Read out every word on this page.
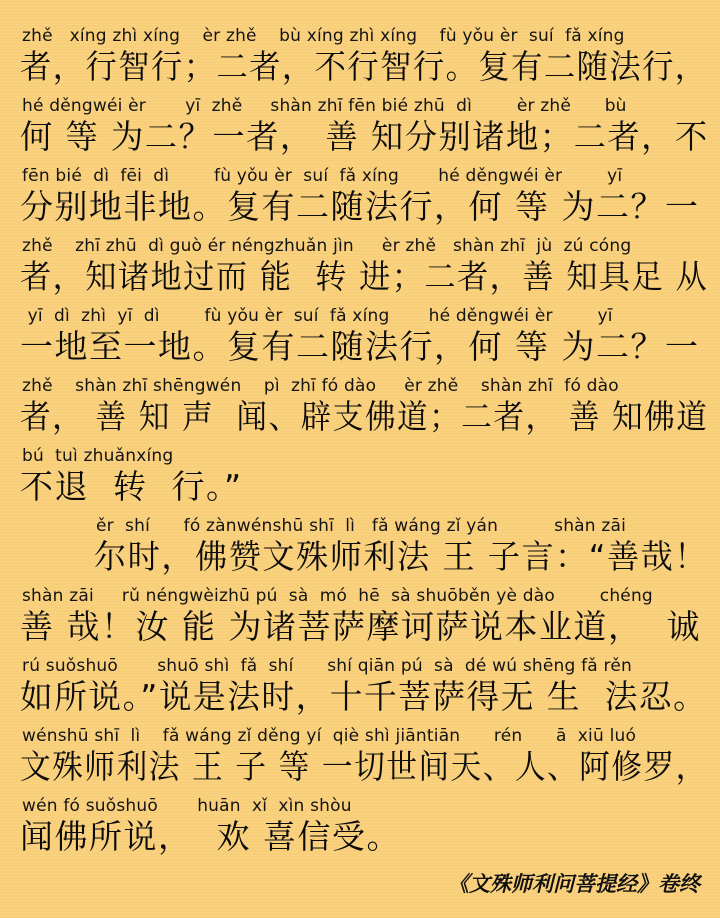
zhě   xíng zhì xíng    èr zhě    bù xíng zhì xíng    fù yǒu èr  suí  fǎ xíng
者，行智行；二者，不行智行。复有二随法行，
hé děngwéi èr       yī  zhě     shàn zhī fēn bié zhū  dì        èr zhě      bù
何 等 为二？一者， 善 知分别诸地；二者，不
fēn bié  dì  fēi  dì        fù yǒu èr  suí  fǎ xíng       hé děngwéi èr        yī
分别地非地。复有二随法行，何 等 为二？一
zhě    zhī zhū  dì guò ér néngzhuǎn jìn     èr zhě   shàn zhī  jù  zú cóng
者，知诸地过而 能  转 进；二者，善 知具足 从
yī  dì  zhì  yī  dì        fù yǒu èr  suí  fǎ xíng       hé děngwéi èr        yī
一地至一地。复有二随法行，何 等 为二？一
zhě    shàn zhī shēngwén    pì  zhī fó dào     èr zhě    shàn zhī  fó dào
者， 善 知 声  闻、辟支佛道；二者， 善 知佛道
bú  tuì zhuǎnxíng
不退  转  行。”
ěr  shí      fó zànwénshū shī  lì   fǎ wáng zǐ yán          shàn zāi
尔时，佛赞文殊师利法 王 子言：“善哉！
shàn zāi     rǔ néngwèizhū pú  sà  mó  hē  sà shuōběn yè dào        chéng
善 哉！汝 能 为诸菩萨摩诃萨说本业道，  诚
rú suǒshuō       shuō shì  fǎ  shí      shí qiān pú  sà  dé wú shēng fǎ rěn
如所说。”说是法时，十千菩萨得无 生  法忍。
wénshū shī  lì    fǎ wáng zǐ děng yí  qiè shì jiāntiān      rén      ā  xiū luó
文殊师利法 王 子 等 一切世间天、人、阿修罗，
wén fó suǒshuō       huān  xǐ  xìn shòu
闻佛所说，  欢 喜信受。
《文殊师利问菩提经》卷终
